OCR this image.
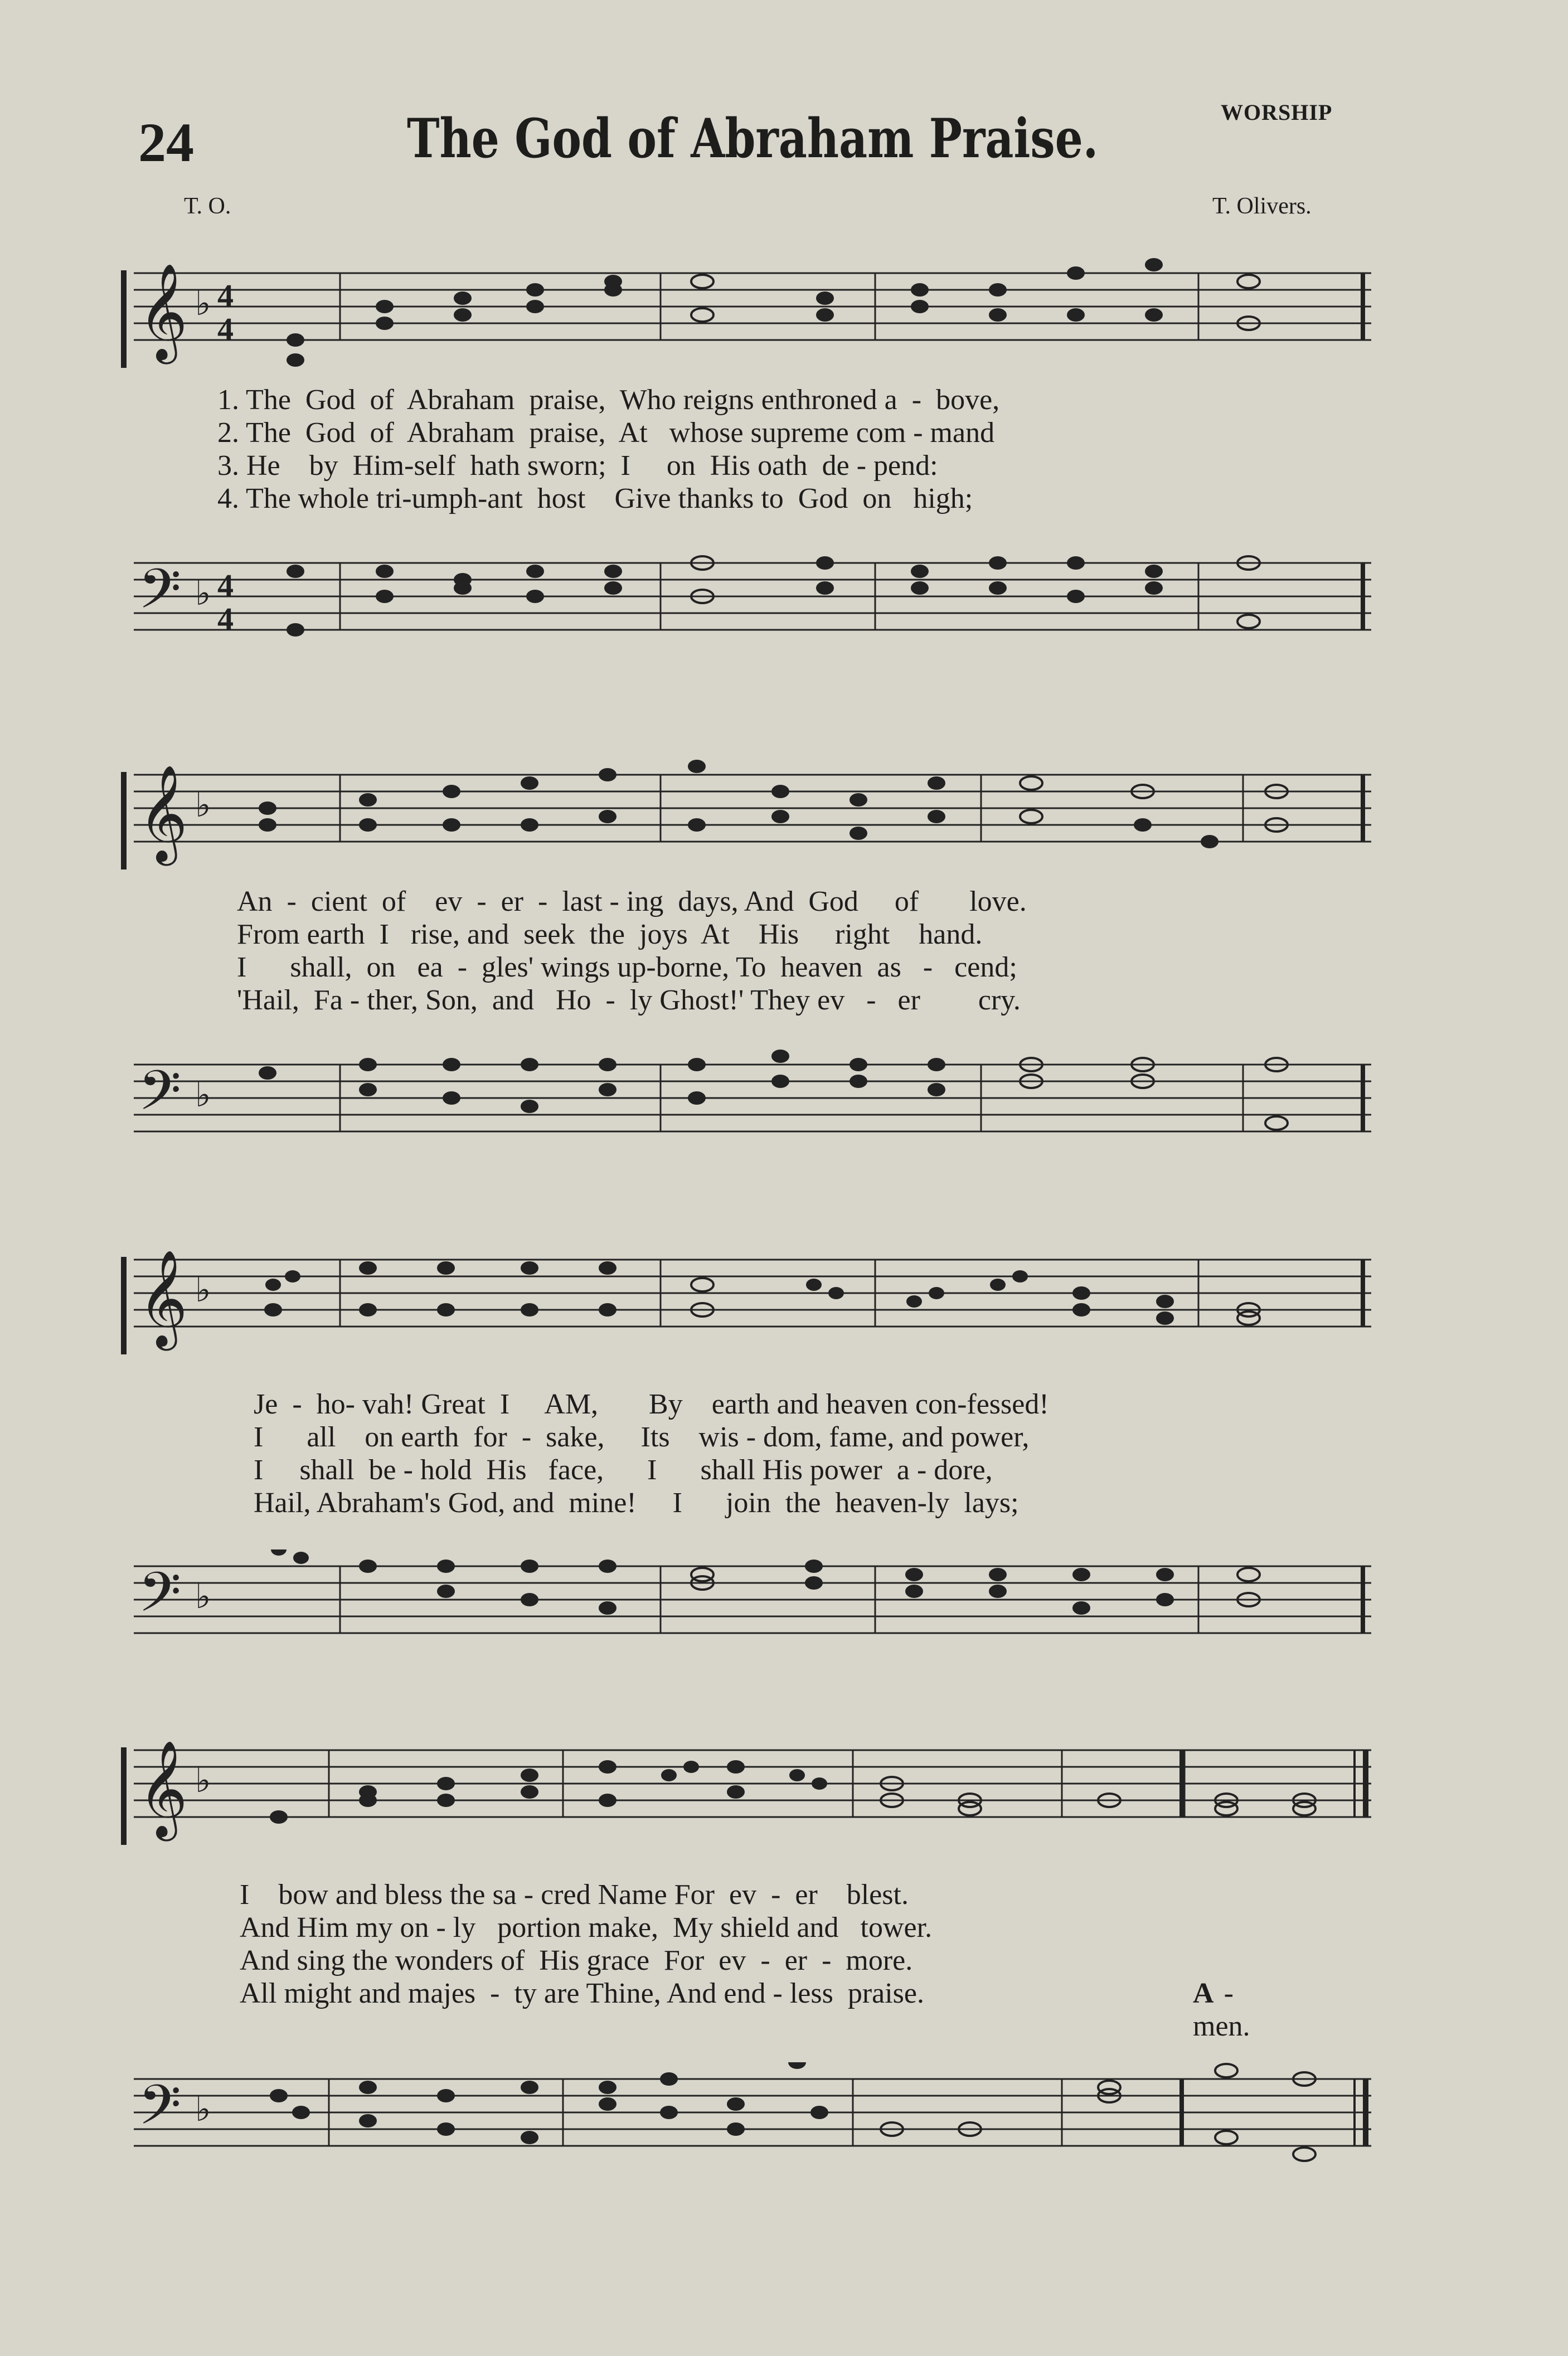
24	The God of Abraham Praise.	WORSHIP
T. O.	T. Olivers.
𝄞 ♭ 4
4
1. The  God  of  Abraham  praise,  Who reigns enthroned a  -  bove,
2. The  God  of  Abraham  praise,  At   whose supreme com - mand
3. He    by  Him-self  hath sworn;  I     on  His oath  de - pend:
4. The whole tri-umph-ant  host    Give thanks to  God  on   high;
𝄢 ♭ 4
4
𝄞 ♭
An  -  cient  of    ev  -  er  -  last - ing  days, And  God     of       love.
From earth  I   rise, and  seek  the  joys  At    His     right    hand.
I      shall,  on   ea  -  gles' wings up-borne, To  heaven  as   -   cend;
'Hail,  Fa - ther, Son,  and   Ho  -  ly Ghost!' They ev   -   er        cry.
𝄢 ♭
𝄞 ♭
Je  -  ho- vah! Great  I     AM,       By    earth and heaven con-fessed!
I      all    on earth  for  -  sake,     Its    wis - dom, fame, and power,
I     shall  be - hold  His   face,      I      shall His power  a - dore,
Hail, Abraham's God, and  mine!     I      join  the  heaven-ly  lays;
𝄢 ♭
𝄞 ♭
I    bow and bless the sa - cred Name For  ev  -  er    blest.
And Him my on - ly   portion make,  My shield and   tower.
And sing the wonders of  His grace  For  ev  -  er  -  more.
All might and majes  -  ty are Thine, And end - less  praise.	A - men.
𝄢 ♭
